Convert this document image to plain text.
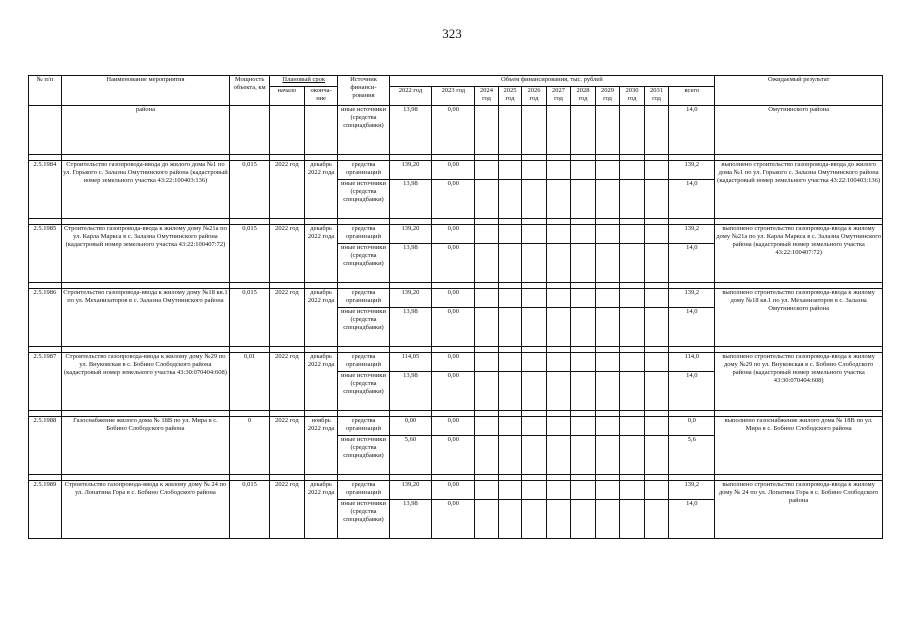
323
№ п/п	Наименование мероприятия	Мощность объекта, км	Плановый срок		Источник финанси-рования	Объем финансирования, тыс. рублей											Ожидаемый результат
			начало	оконча-ние		2022 год	2023 год	2024 год	2025 год	2026 год	2027 год	2028 год	2029 год	2030 год	2031 год	всего	
	района				иные источники (средства спецнадбавки)	13,98	0,00									14,0	Омутнинского района

2.5.1984	Строительство газопровода-ввода до жилого дома №1 по ул. Горького с. Залазна Омутнинского района (кадастровый номер земельного участка 43:22:100403:136)	0,015	2022 год	декабрь 2022 года	средства организаций	139,20	0,00									139,2	выполнено строительство газопровода-ввода до жилого дома №1 по ул. Горького с. Залазна Омутнинского района (кадастровый номер земельного участка 43:22:100403:136)
					иные источники (средства спецнадбавки)	13,98	0,00									14,0	

2.5.1985	Строительство газопровода-ввода к жилому дому №21а по ул. Карла Маркса в с. Залазна Омутнинского района (кадастровый номер земельного участка 43:22:100407:72)	0,015	2022 год	декабрь 2022 года	средства организаций	139,20	0,00									139,2	выполнено строительство газопровода-ввода к жилому дому №21а по ул. Карла Маркса в с. Залазна Омутнинского района (кадастровый номер земельного участка 43:22:100407:72)
					иные источники (средства спецнадбавки)	13,98	0,00									14,0	

2.5.1986	Строительство газопровода-ввода к жилому дому №18 кв.1 по ул. Механизаторов в с. Залазна Омутнинского района	0,015	2022 год	декабрь 2022 года	средства организаций	139,20	0,00									139,2	выполнено строительство газопровода-ввода к жилому дому №18 кв.1 по ул. Механизаторов в с. Залазна Омутнинского района
					иные источники (средства спецнадбавки)	13,98	0,00									14,0	

2.5.1987	Строительство газопровода-ввода к жилому дому №29 по ул. Внуковская в с. Бобино Слободского района (кадастровый номер земельного участка 43:30:070404:608)	0,01	2022 год	декабрь 2022 года	средства организаций	114,05	0,00									114,0	выполнено строительство газопровода-ввода к жилому дому №29 по ул. Внуковская в с. Бобино Слободского района (кадастровый номер земельного участка 43:30:070404:608)
					иные источники (средства спецнадбавки)	13,98	0,00									14,0	

2.5.1988	Газоснабжение жилого дома № 18В по ул. Мира в с. Бобино Слободского района	0	2022 год	ноябрь 2022 года	средства организаций	0,00	0,00									0,0	выполнено газоснабжение жилого дома № 18В по ул. Мира в с. Бобино Слободского района
					иные источники (средства спецнадбавки)	5,60	0,00									5,6	

2.5.1989	Строительство газопровода-ввода к жилому дому № 24 по ул. Лопатина Гора в с. Бобино Слободского района	0,015	2022 год	декабрь 2022 года	средства организаций	139,20	0,00									139,2	выполнено строительство газопровода-ввода к жилому дому № 24 по ул. Лопатина Гора в с. Бобино Слободского района
					иные источники (средства спецнадбавки)	13,98	0,00									14,0	
